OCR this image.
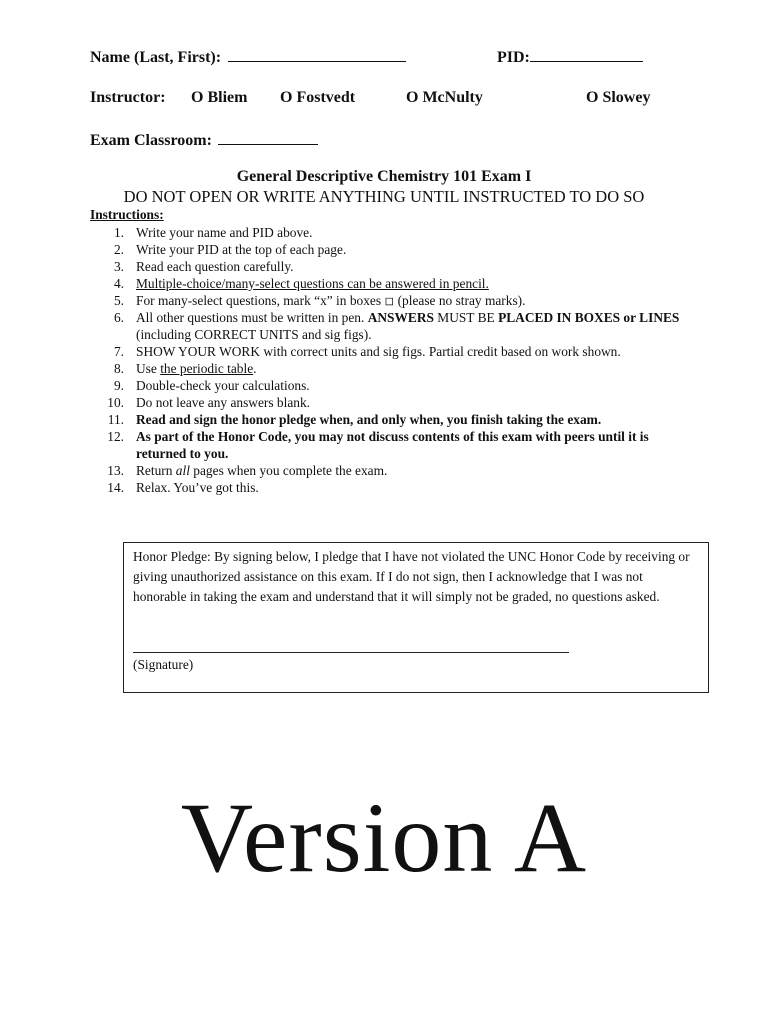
Name (Last, First):	PID:
Instructor: O Bliem O Fostvedt	O McNulty	O Slowey
Exam Classroom:
General Descriptive Chemistry 101 Exam I
DO NOT OPEN OR WRITE ANYTHING UNTIL INSTRUCTED TO DO SO
Instructions:
1. Write your name and PID above.
2. Write your PID at the top of each page.
3. Read each question carefully.
4. Multiple-choice/many-select questions can be answered in pencil.
5. For many-select questions, mark “x” in boxes ◽ (please no stray marks).
6. All other questions must be written in pen. ANSWERS MUST BE PLACED IN BOXES or LINES (including CORRECT UNITS and sig figs).
7. SHOW YOUR WORK with correct units and sig figs. Partial credit based on work shown.
8. Use the periodic table.
9. Double-check your calculations.
10. Do not leave any answers blank.
11. Read and sign the honor pledge when, and only when, you finish taking the exam.
12. As part of the Honor Code, you may not discuss contents of this exam with peers until it is returned to you.
13. Return all pages when you complete the exam.
14. Relax. You’ve got this.
Honor Pledge: By signing below, I pledge that I have not violated the UNC Honor Code by receiving or giving unauthorized assistance on this exam. If I do not sign, then I acknowledge that I was not honorable in taking the exam and understand that it will simply not be graded, no questions asked.
(Signature)
Version A
